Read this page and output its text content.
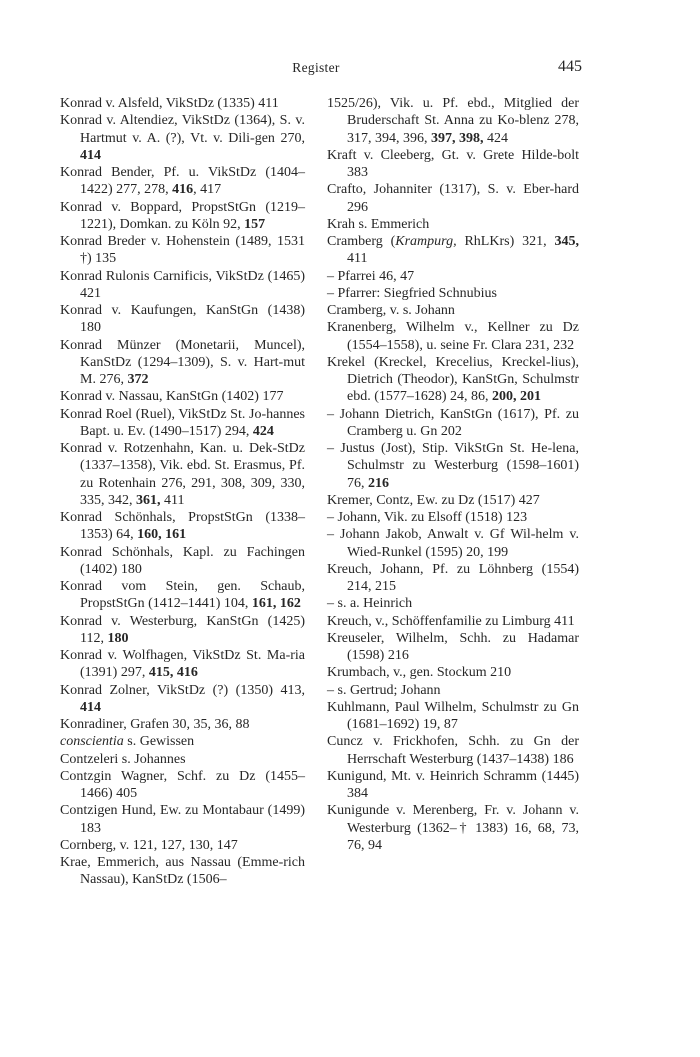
Register	445
Konrad v. Alsfeld, VikStDz (1335) 411
Konrad v. Altendiez, VikStDz (1364), S. v. Hartmut v. A. (?), Vt. v. Dili-gen 270, 414
Konrad Bender, Pf. u. VikStDz (1404–1422) 277, 278, 416, 417
Konrad v. Boppard, PropstStGn (1219–1221), Domkan. zu Köln 92, 157
Konrad Breder v. Hohenstein (1489, 1531 †) 135
Konrad Rulonis Carnificis, VikStDz (1465) 421
Konrad v. Kaufungen, KanStGn (1438) 180
Konrad Münzer (Monetarii, Muncel), KanStDz (1294–1309), S. v. Hart-mut M. 276, 372
Konrad v. Nassau, KanStGn (1402) 177
Konrad Roel (Ruel), VikStDz St. Jo-hannes Bapt. u. Ev. (1490–1517) 294, 424
Konrad v. Rotzenhahn, Kan. u. Dek-StDz (1337–1358), Vik. ebd. St. Erasmus, Pf. zu Rotenhain 276, 291, 308, 309, 330, 335, 342, 361, 411
Konrad Schönhals, PropstStGn (1338–1353) 64, 160, 161
Konrad Schönhals, Kapl. zu Fachingen (1402) 180
Konrad vom Stein, gen. Schaub, PropstStGn (1412–1441) 104, 161, 162
Konrad v. Westerburg, KanStGn (1425) 112, 180
Konrad v. Wolfhagen, VikStDz St. Ma-ria (1391) 297, 415, 416
Konrad Zolner, VikStDz (?) (1350) 413, 414
Konradiner, Grafen 30, 35, 36, 88
conscientia s. Gewissen
Contzeleri s. Johannes
Contzgin Wagner, Schf. zu Dz (1455–1466) 405
Contzigen Hund, Ew. zu Montabaur (1499) 183
Cornberg, v. 121, 127, 130, 147
Krae, Emmerich, aus Nassau (Emme-rich Nassau), KanStDz (1506–
1525/26), Vik. u. Pf. ebd., Mitglied der Bruderschaft St. Anna zu Ko-blenz 278, 317, 394, 396, 397, 398, 424
Kraft v. Cleeberg, Gt. v. Grete Hilde-bolt 383
Crafto, Johanniter (1317), S. v. Eber-hard 296
Krah s. Emmerich
Cramberg (Krampurg, RhLKrs) 321, 345, 411
– Pfarrei 46, 47
– Pfarrer: Siegfried Schnubius
Cramberg, v. s. Johann
Kranenberg, Wilhelm v., Kellner zu Dz (1554–1558), u. seine Fr. Clara 231, 232
Krekel (Kreckel, Krecelius, Kreckel-lius), Dietrich (Theodor), KanStGn, Schulmstr ebd. (1577–1628) 24, 86, 200, 201
– Johann Dietrich, KanStGn (1617), Pf. zu Cramberg u. Gn 202
– Justus (Jost), Stip. VikStGn St. He-lena, Schulmstr zu Westerburg (1598–1601) 76, 216
Kremer, Contz, Ew. zu Dz (1517) 427
– Johann, Vik. zu Elsoff (1518) 123
– Johann Jakob, Anwalt v. Gf Wil-helm v. Wied-Runkel (1595) 20, 199
Kreuch, Johann, Pf. zu Löhnberg (1554) 214, 215
– s. a. Heinrich
Kreuch, v., Schöffenfamilie zu Limburg 411
Kreuseler, Wilhelm, Schh. zu Hadamar (1598) 216
Krumbach, v., gen. Stockum 210
– s. Gertrud; Johann
Kuhlmann, Paul Wilhelm, Schulmstr zu Gn (1681–1692) 19, 87
Cuncz v. Frickhofen, Schh. zu Gn der Herrschaft Westerburg (1437–1438) 186
Kunigund, Mt. v. Heinrich Schramm (1445) 384
Kunigunde v. Merenberg, Fr. v. Johann v. Westerburg (1362–† 1383) 16, 68, 73, 76, 94
